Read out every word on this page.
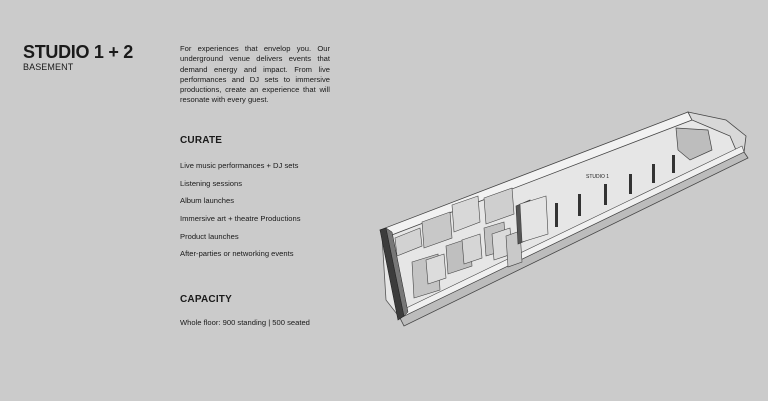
STUDIO 1 + 2

BASEMENT

For experiences that envelop you. Our underground venue delivers events that demand energy and impact. From live performances and DJ sets to immersive productions, create an experience that will resonate with every guest.

CURATE
Live music performances + DJ sets
Listening sessions
Album launches
Immersive art + theatre Productions
Product launches
After-parties or networking events
CAPACITY

Whole floor: 900 standing | 500 seated

STUDIO 1
